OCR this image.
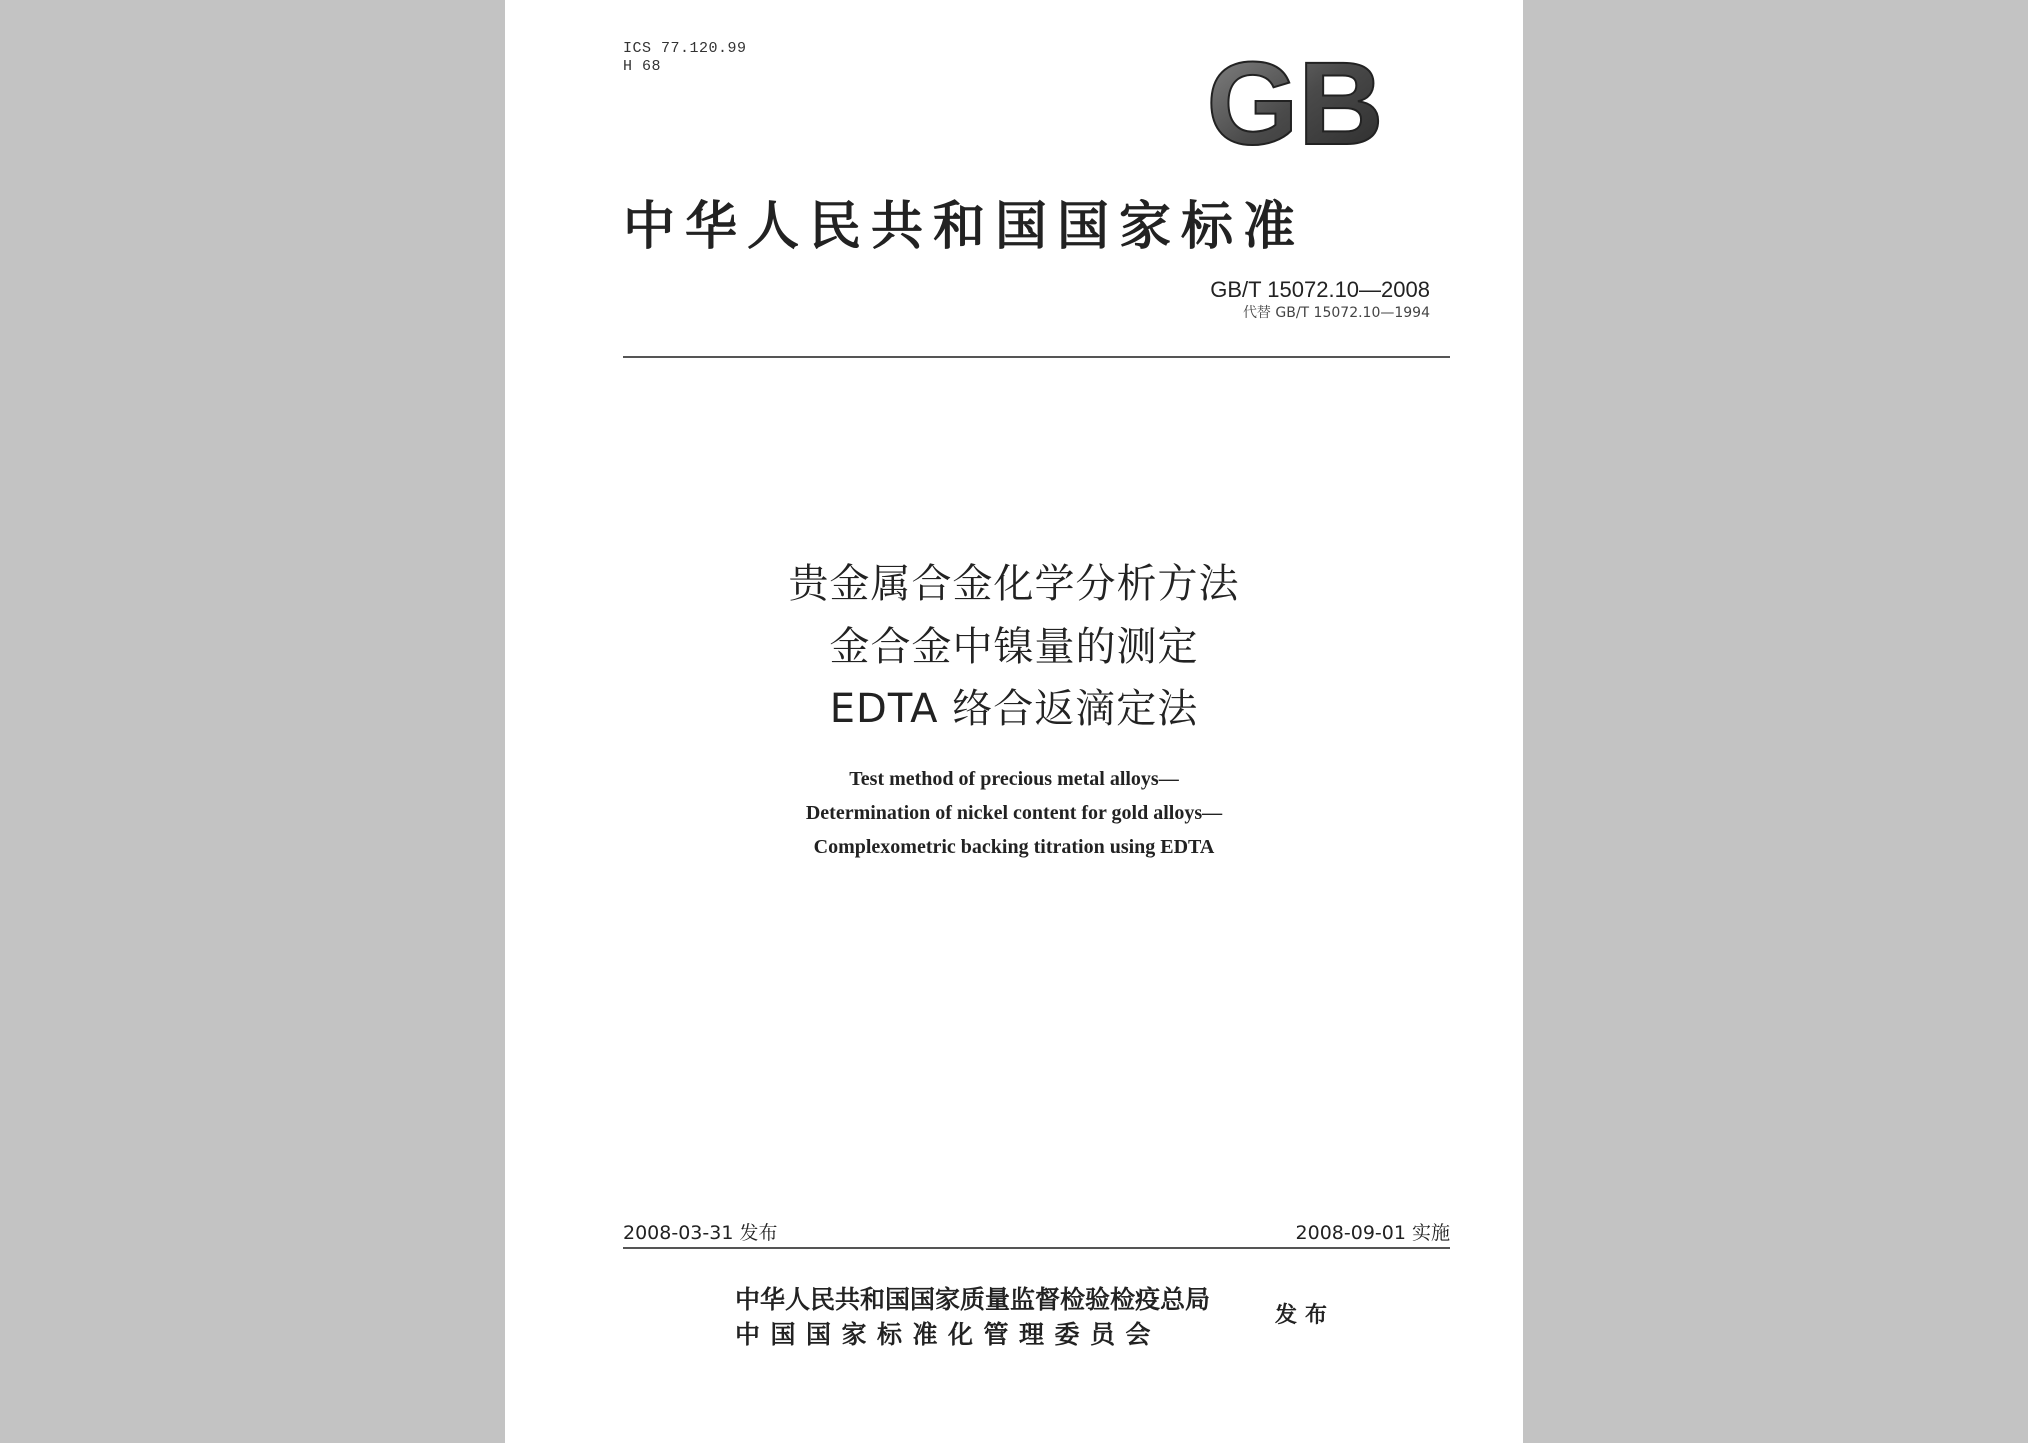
ICS 77.120.99
H 68	GB
中华人民共和国国家标准
GB/T 15072.10—2008
代替 GB/T 15072.10—1994
贵金属合金化学分析方法
金合金中镍量的测定
EDTA 络合返滴定法
Test method of precious metal alloys—
Determination of nickel content for gold alloys—
Complexometric backing titration using EDTA
2008-03-31 发布	2008-09-01 实施
中华人民共和国国家质量监督检验检疫总局
中国国家标准化管理委员会
发布
